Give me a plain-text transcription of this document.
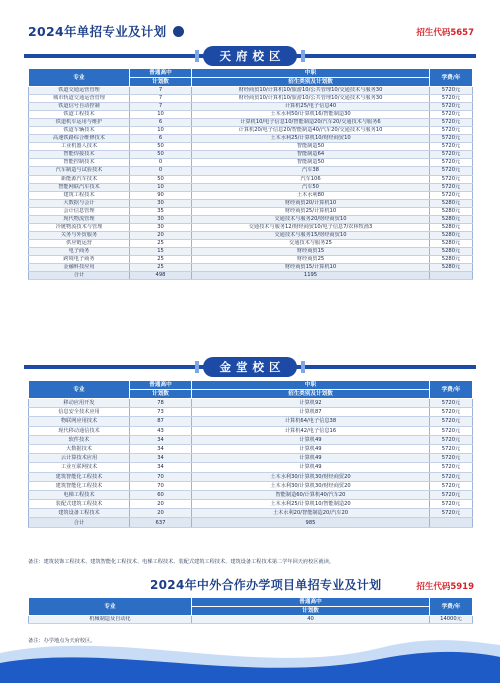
2024年单招专业及计划	招生代码5657
天府校区
专业	普通高中	中职	学费/年
	计划数	招生类别及计划数	
铁道交通运营管理	7	财经商贸10/计算机10/旅游10/公共管理10/交通技术与服务30	5720元
城市轨道交通运营管理	7	财经商贸10/计算机10/旅游10/公共管理10/交通技术与服务30	5720元
铁道信号自动控制	7	计算机25/电子信息40	5720元
铁道工程技术	10	土木水利50/计算机16/智能制造30	5720元
铁道机车运用与维护	6	计算机10/电子信息10/智能制造20/汽车20/交通技术与服务6	5720元
铁道车辆技术	10	计算机20/电子信息20/智能制造40/汽车20/交通技术与服务10	5720元
高速铁路综合维修技术	6	土木水利25/计算机10/财经商贸10	5720元
工业机器人技术	50	智能制造50	5720元
智能焊接技术	50	智能制造64	5720元
智能控制技术	0	智能制造50	5720元
汽车制造与试验技术	0	汽车38	5720元
新能源汽车技术	50	汽车106	5720元
智能网联汽车技术	10	汽车50	5720元
建筑工程技术	90	土木水利80	5720元
大数据与会计	30	财经商贸20/计算机10	5280元
会计信息管理	35	财经商贸25/计算机10	5280元
现代物流管理	30	交通技术与服务20/财经商贸10	5280元
冷链物流技术与管理	30	交通技术与服务12/财经商贸10/电子信息7/农林牧渔3	5280元
关务与外贸服务	20	交通技术与服务15/财经商贸10	5280元
供应链运营	25	交通技术与服务25	5280元
电子商务	15	财经商贸15	5280元
跨境电子商务	25	财经商贸25	5280元
金融科技应用	25	财经商贸15/计算机10	5280元
合计	498	1195	
金堂校区
专业	普通高中	中职	学费/年
	计划数	招生类别及计划数	
移动应用开发	78	计算机92	5720元
信息安全技术应用	73	计算机87	5720元
物联网应用技术	87	计算机64/电子信息38	5720元
现代移动通信技术	43	计算机42/电子信息16	5720元
软件技术	34	计算机49	5720元
大数据技术	34	计算机49	5720元
云计算技术应用	34	计算机49	5720元
工业互联网技术	34	计算机49	5720元
建筑智能化工程技术	70	土木水利30/计算机30/财经商贸20	5720元
建筑智能化工程技术	70	土木水利30/计算机30/财经商贸20	5720元
电梯工程技术	60	智能制造60/计算机40/汽车20	5720元
装配式建筑工程技术	20	土木水利25/计算机10/智能制造20	5720元
建筑设备工程技术	20	土木水利20/智能制造20/汽车20	5720元
合计	637	985	
备注：建筑装饰工程技术、建筑智能化工程技术、电梯工程技术、装配式建筑工程技术、建筑设备工程技术第二学年回天府校区就读。
2024年中外合作办学项目单招专业及计划	招生代码5919
专业	普通高中	学费/年
	计划数	
机械制造及自动化	40	14000元
备注：办学地点为天府校区。
